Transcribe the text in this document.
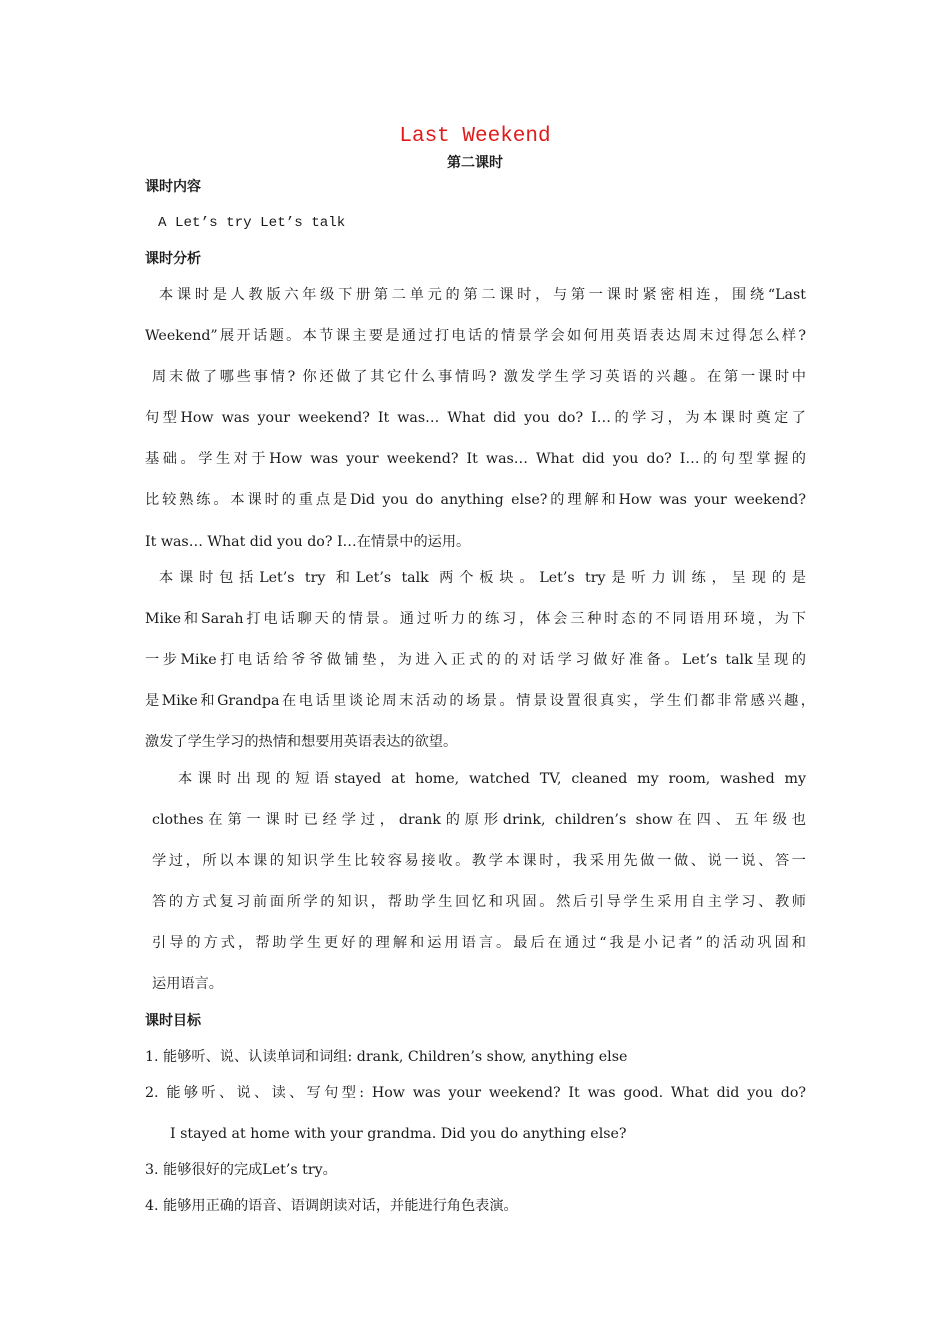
Last Weekend
第二课时
课时内容
A Let’s try Let’s talk
课时分析
本课时是人教版六年级下册第二单元的第二课时，与第一课时紧密相连，围绕“Last
Weekend”展开话题。本节课主要是通过打电话的情景学会如何用英语表达周末过得怎么样?
周末做了哪些事情? 你还做了其它什么事情吗? 激发学生学习英语的兴趣。在第一课时中
句型How was your weekend? It was… What did you do? I…的学习，为本课时奠定了
基础。学生对于How was your weekend? It was… What did you do? I…的句型掌握的
比较熟练。本课时的重点是Did you do anything else?的理解和How was your weekend?
It was… What did you do? I…在情景中的运用。
本课时包括Let’s try 和Let’s talk 两个板块。Let’s try是听力训练，呈现的是
Mike和Sarah打电话聊天的情景。通过听力的练习，体会三种时态的不同语用环境，为下
一步Mike打电话给爷爷做铺垫，为进入正式的的对话学习做好准备。Let’s talk呈现的
是Mike和Grandpa在电话里谈论周末活动的场景。情景设置很真实，学生们都非常感兴趣，
激发了学生学习的热情和想要用英语表达的欲望。
本课时出现的短语stayed at home, watched TV, cleaned my room, washed my
clothes在第一课时已经学过，drank的原形drink, children’s show在四、五年级也
学过，所以本课的知识学生比较容易接收。教学本课时，我采用先做一做、说一说、答一
答的方式复习前面所学的知识，帮助学生回忆和巩固。然后引导学生采用自主学习、教师
引导的方式，帮助学生更好的理解和运用语言。最后在通过“我是小记者”的活动巩固和
运用语言。
课时目标
1. 能够听、说、认读单词和词组: drank, Children’s show, anything else
2. 能够听、说、读、写句型: How was your weekend? It was good. What did you do?
I stayed at home with your grandma. Did you do anything else?
3. 能够很好的完成Let’s try。
4. 能够用正确的语音、语调朗读对话，并能进行角色表演。
